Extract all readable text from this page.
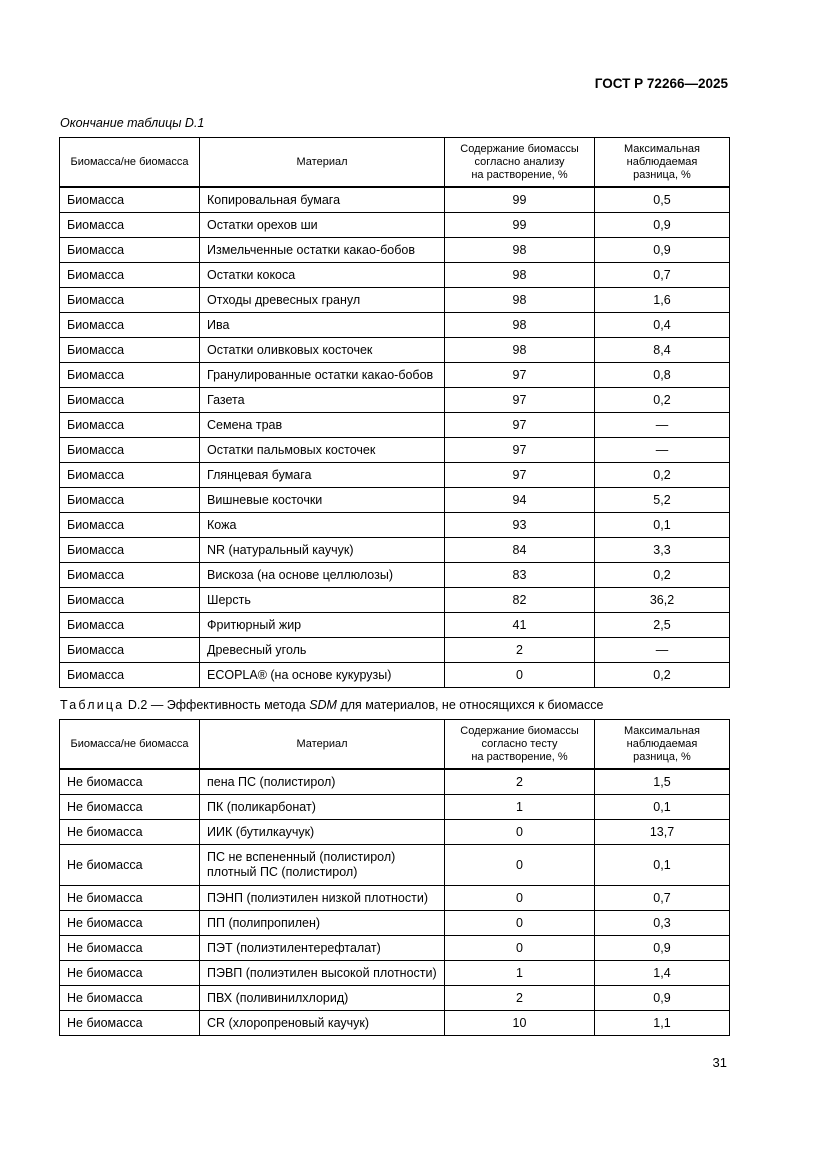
ГОСТ Р 72266—2025
Окончание таблицы D.1
Биомасса/не биомасса	Материал	Содержание биомассы
согласно анализу
на растворение, %	Максимальная
наблюдаемая
разница, %
Биомасса	Копировальная бумага	99	0,5
Биомасса	Остатки орехов ши	99	0,9
Биомасса	Измельченные остатки какао-бобов	98	0,9
Биомасса	Остатки кокоса	98	0,7
Биомасса	Отходы древесных гранул	98	1,6
Биомасса	Ива	98	0,4
Биомасса	Остатки оливковых косточек	98	8,4
Биомасса	Гранулированные остатки какао-бобов	97	0,8
Биомасса	Газета	97	0,2
Биомасса	Семена трав	97	—
Биомасса	Остатки пальмовых косточек	97	—
Биомасса	Глянцевая бумага	97	0,2
Биомасса	Вишневые косточки	94	5,2
Биомасса	Кожа	93	0,1
Биомасса	NR (натуральный каучук)	84	3,3
Биомасса	Вискоза (на основе целлюлозы)	83	0,2
Биомасса	Шерсть	82	36,2
Биомасса	Фритюрный жир	41	2,5
Биомасса	Древесный уголь	2	—
Биомасса	ECOPLA® (на основе кукурузы)	0	0,2
Таблица D.2 — Эффективность метода SDM для материалов, не относящихся к биомассе
Биомасса/не биомасса	Материал	Содержание биомассы
согласно тесту
на растворение, %	Максимальная
наблюдаемая
разница, %
Не биомасса	пена ПС (полистирол)	2	1,5
Не биомасса	ПК (поликарбонат)	1	0,1
Не биомасса	ИИК (бутилкаучук)	0	13,7
Не биомасса	ПС не вспененный (полистирол)
плотный ПС (полистирол)	0	0,1
Не биомасса	ПЭНП (полиэтилен низкой плотности)	0	0,7
Не биомасса	ПП (полипропилен)	0	0,3
Не биомасса	ПЭТ (полиэтилентерефталат)	0	0,9
Не биомасса	ПЭВП (полиэтилен высокой плотности)	1	1,4
Не биомасса	ПВХ (поливинилхлорид)	2	0,9
Не биомасса	CR (хлоропреновый каучук)	10	1,1
31
